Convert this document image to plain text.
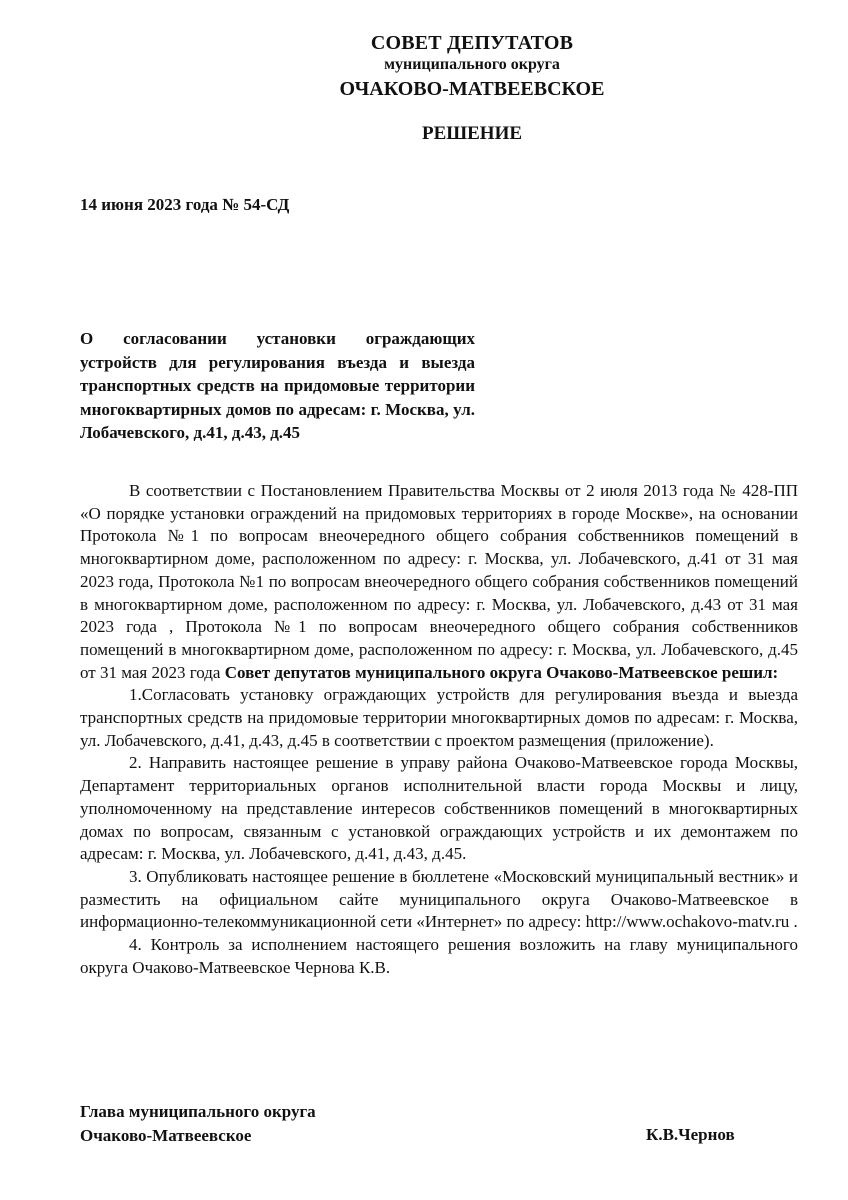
СОВЕТ ДЕПУТАТОВ
муниципального округа
ОЧАКОВО-МАТВЕЕВСКОЕ
РЕШЕНИЕ
14 июня 2023 года № 54-СД
О согласовании установки ограждающих устройств для регулирования въезда и выезда транспортных средств на придомовые территории многоквартирных домов по адресам: г. Москва, ул. Лобачевского, д.41, д.43, д.45

В соответствии с Постановлением Правительства Москвы от 2 июля 2013 года № 428-ПП «О порядке установки ограждений на придомовых территориях в городе Москве», на основании Протокола №1 по вопросам внеочередного общего собрания собственников помещений в многоквартирном доме, расположенном по адресу: г. Москва, ул. Лобачевского, д.41 от 31 мая 2023 года, Протокола №1 по вопросам внеочередного общего собрания собственников помещений в многоквартирном доме, расположенном по адресу: г. Москва, ул. Лобачевского, д.43 от 31 мая 2023 года , Протокола №1 по вопросам внеочередного общего собрания собственников помещений в многоквартирном доме, расположенном по адресу: г. Москва, ул. Лобачевского, д.45 от 31 мая 2023 года Совет депутатов муниципального округа Очаково-Матвеевское решил:

1.Согласовать установку ограждающих устройств для регулирования въезда и выезда транспортных средств на придомовые территории многоквартирных домов по адресам: г. Москва, ул. Лобачевского, д.41, д.43, д.45 в соответствии с проектом размещения (приложение).

2. Направить настоящее решение в управу района Очаково-Матвеевское города Москвы, Департамент территориальных органов исполнительной власти города Москвы и лицу, уполномоченному на представление интересов собственников помещений в многоквартирных домах по вопросам, связанным с установкой ограждающих устройств и их демонтажем по адресам: г. Москва, ул. Лобачевского, д.41, д.43, д.45.

3. Опубликовать настоящее решение в бюллетене «Московский муниципальный вестник» и разместить на официальном сайте муниципального округа Очаково-Матвеевское в информационно-телекоммуникационной сети «Интернет» по адресу: http://www.ochakovo-matv.ru .

4. Контроль за исполнением настоящего решения возложить на главу муниципального округа Очаково-Матвеевское Чернова К.В.

Глава муниципального округа
Очаково-Матвеевское	К.В.Чернов
